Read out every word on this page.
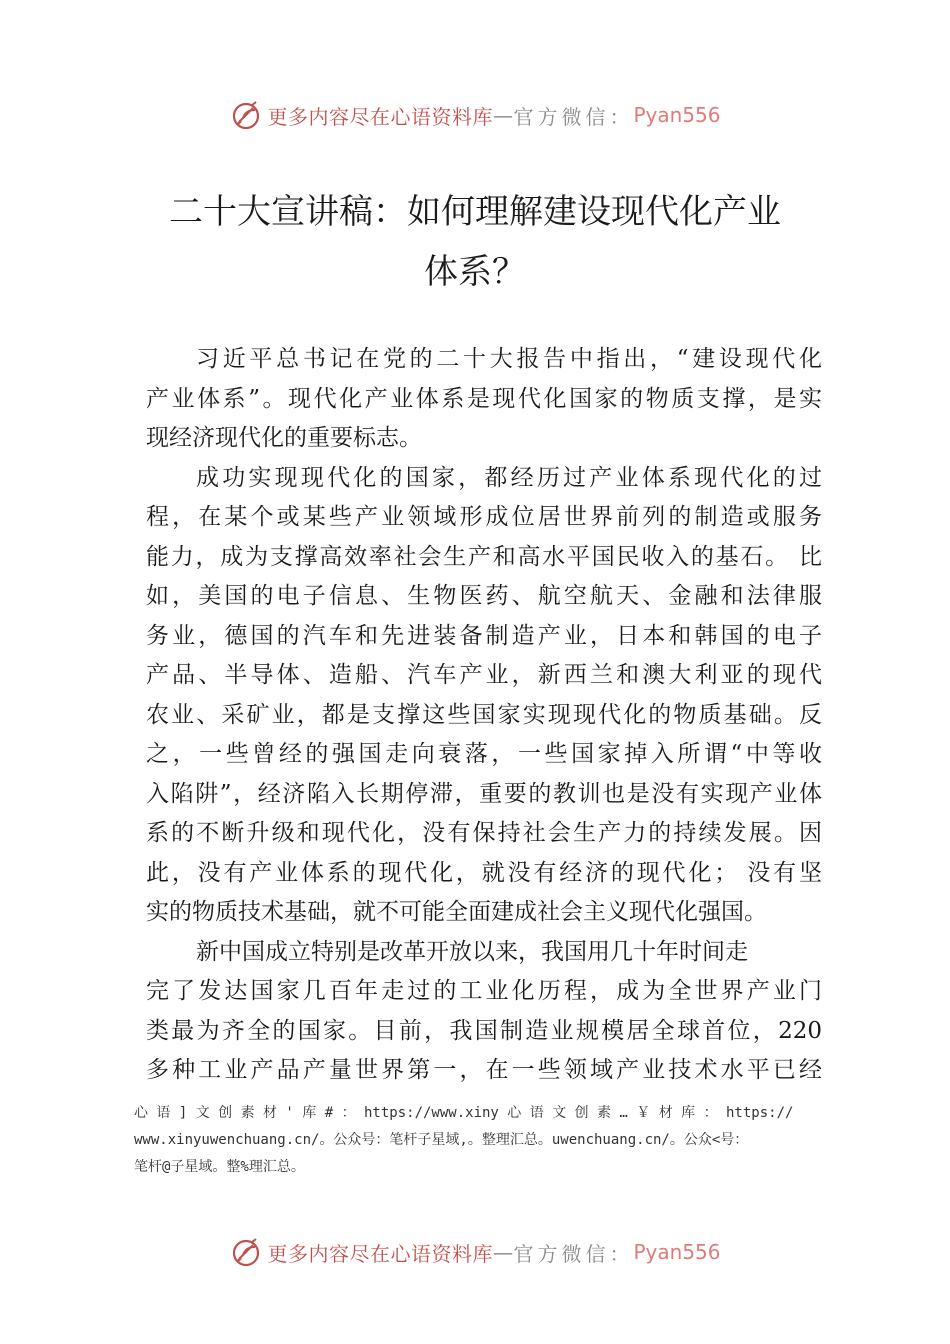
更多内容尽在心语资料库 — 官方微信： Pyan556
二十大宣讲稿：如何理解建设现代化产业
体系？
习近平总书记在党的二十大报告中指出，“建设现代化
产业体系”。现代化产业体系是现代化国家的物质支撑，是实
现经济现代化的重要标志。
成功实现现代化的国家，都经历过产业体系现代化的过
程，在某个或某些产业领域形成位居世界前列的制造或服务
能力，成为支撑高效率社会生产和高水平国民收入的基石。 比
如，美国的电子信息、生物医药、航空航天、金融和法律服
务业，德国的汽车和先进装备制造产业，日本和韩国的电子
产品、半导体、造船、汽车产业，新西兰和澳大利亚的现代
农业、采矿业，都是支撑这些国家实现现代化的物质基础。反
之，一些曾经的强国走向衰落，一些国家掉入所谓“中等收
入陷阱”，经济陷入长期停滞，重要的教训也是没有实现产业体
系的不断升级和现代化，没有保持社会生产力的持续发展。因
此，没有产业体系的现代化，就没有经济的现代化； 没有坚
实的物质技术基础，就不可能全面建成社会主义现代化强国。
新中国成立特别是改革开放以来，我国用几十年时间走
完了发达国家几百年走过的工业化历程，成为全世界产业门
类最为齐全的国家。目前，我国制造业规模居全球首位，220
多种工业产品产量世界第一，在一些领域产业技术水平已经
心 语 ] 文 创 素 材 ' 库 # ： https://www.xiny 心 语 文 创 素 … ￥ 材 库 ： https://
www.xinyuwenchuang.cn/。公众号：笔杆子星域,。整理汇总。uwenchuang.cn/。公众<号：
笔杆@子星域。整%理汇总。
更多内容尽在心语资料库 — 官方微信： Pyan556
